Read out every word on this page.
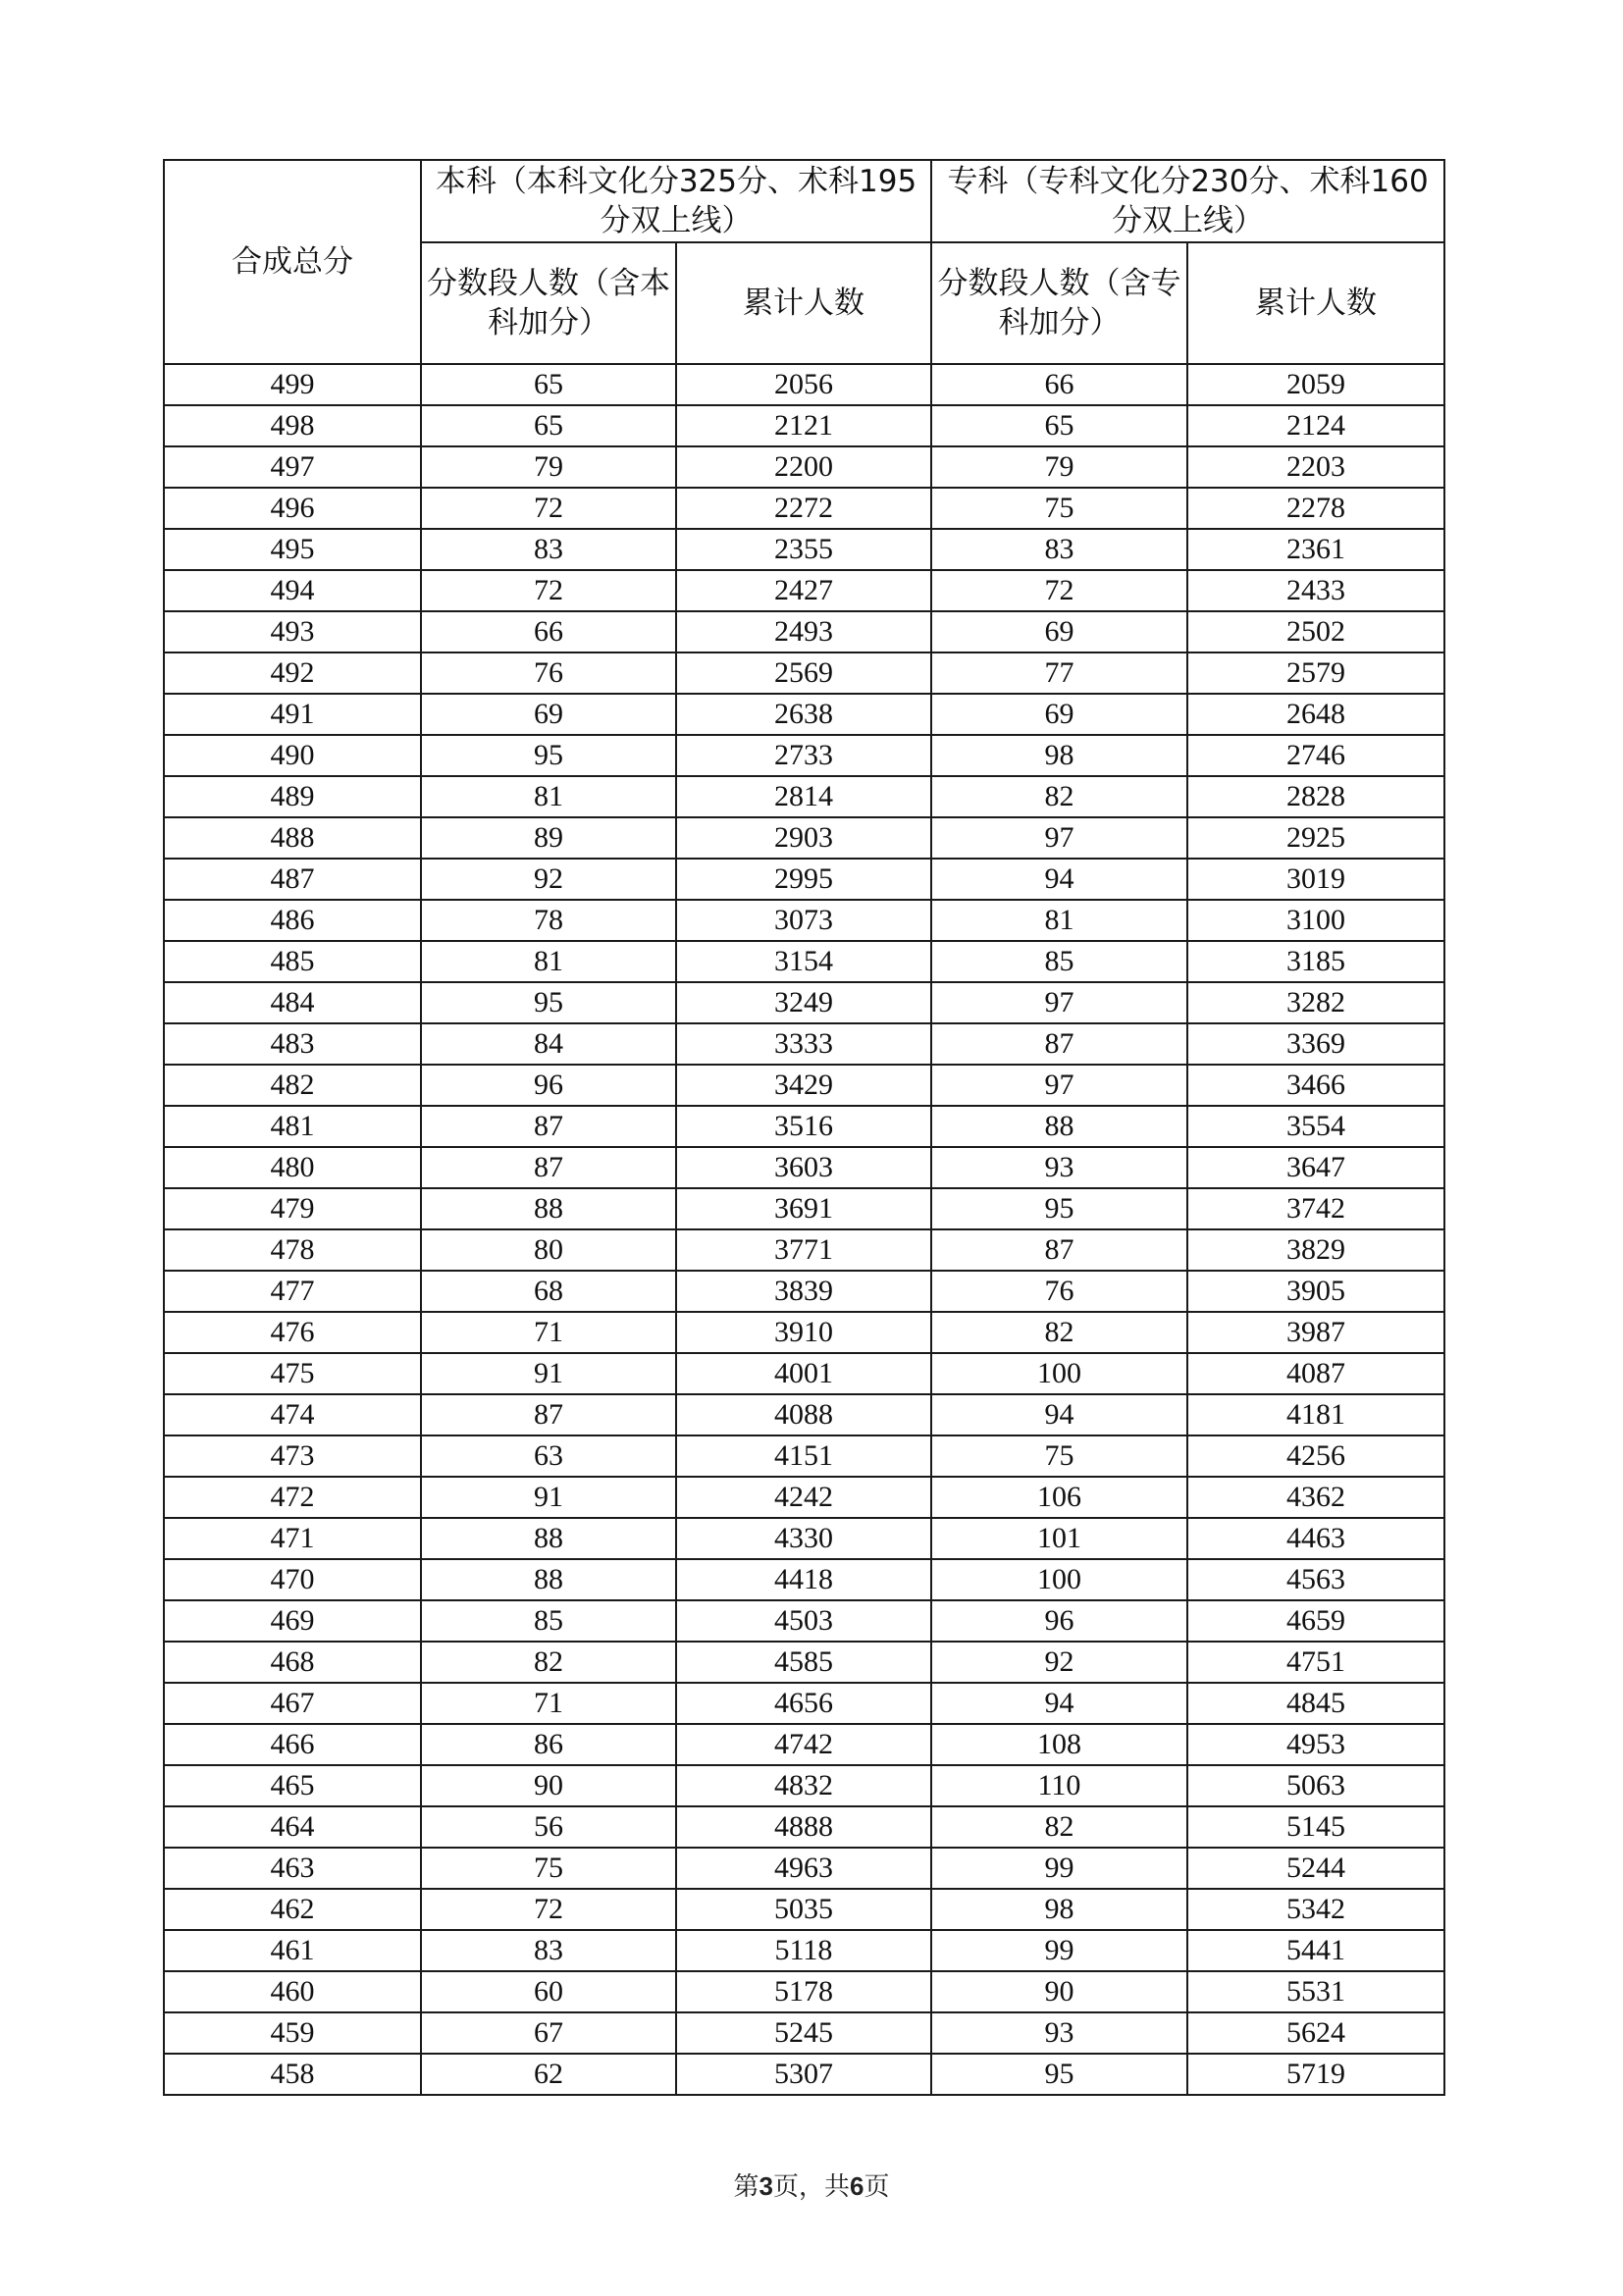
合成总分	本科（本科文化分325分、术科195分双上线）		专科（专科文化分230分、术科160分双上线）	
	分数段人数（含本科加分）	累计人数	分数段人数（含专科加分）	累计人数
499	65	2056	66	2059
498	65	2121	65	2124
497	79	2200	79	2203
496	72	2272	75	2278
495	83	2355	83	2361
494	72	2427	72	2433
493	66	2493	69	2502
492	76	2569	77	2579
491	69	2638	69	2648
490	95	2733	98	2746
489	81	2814	82	2828
488	89	2903	97	2925
487	92	2995	94	3019
486	78	3073	81	3100
485	81	3154	85	3185
484	95	3249	97	3282
483	84	3333	87	3369
482	96	3429	97	3466
481	87	3516	88	3554
480	87	3603	93	3647
479	88	3691	95	3742
478	80	3771	87	3829
477	68	3839	76	3905
476	71	3910	82	3987
475	91	4001	100	4087
474	87	4088	94	4181
473	63	4151	75	4256
472	91	4242	106	4362
471	88	4330	101	4463
470	88	4418	100	4563
469	85	4503	96	4659
468	82	4585	92	4751
467	71	4656	94	4845
466	86	4742	108	4953
465	90	4832	110	5063
464	56	4888	82	5145
463	75	4963	99	5244
462	72	5035	98	5342
461	83	5118	99	5441
460	60	5178	90	5531
459	67	5245	93	5624
458	62	5307	95	5719
第3页，共6页
